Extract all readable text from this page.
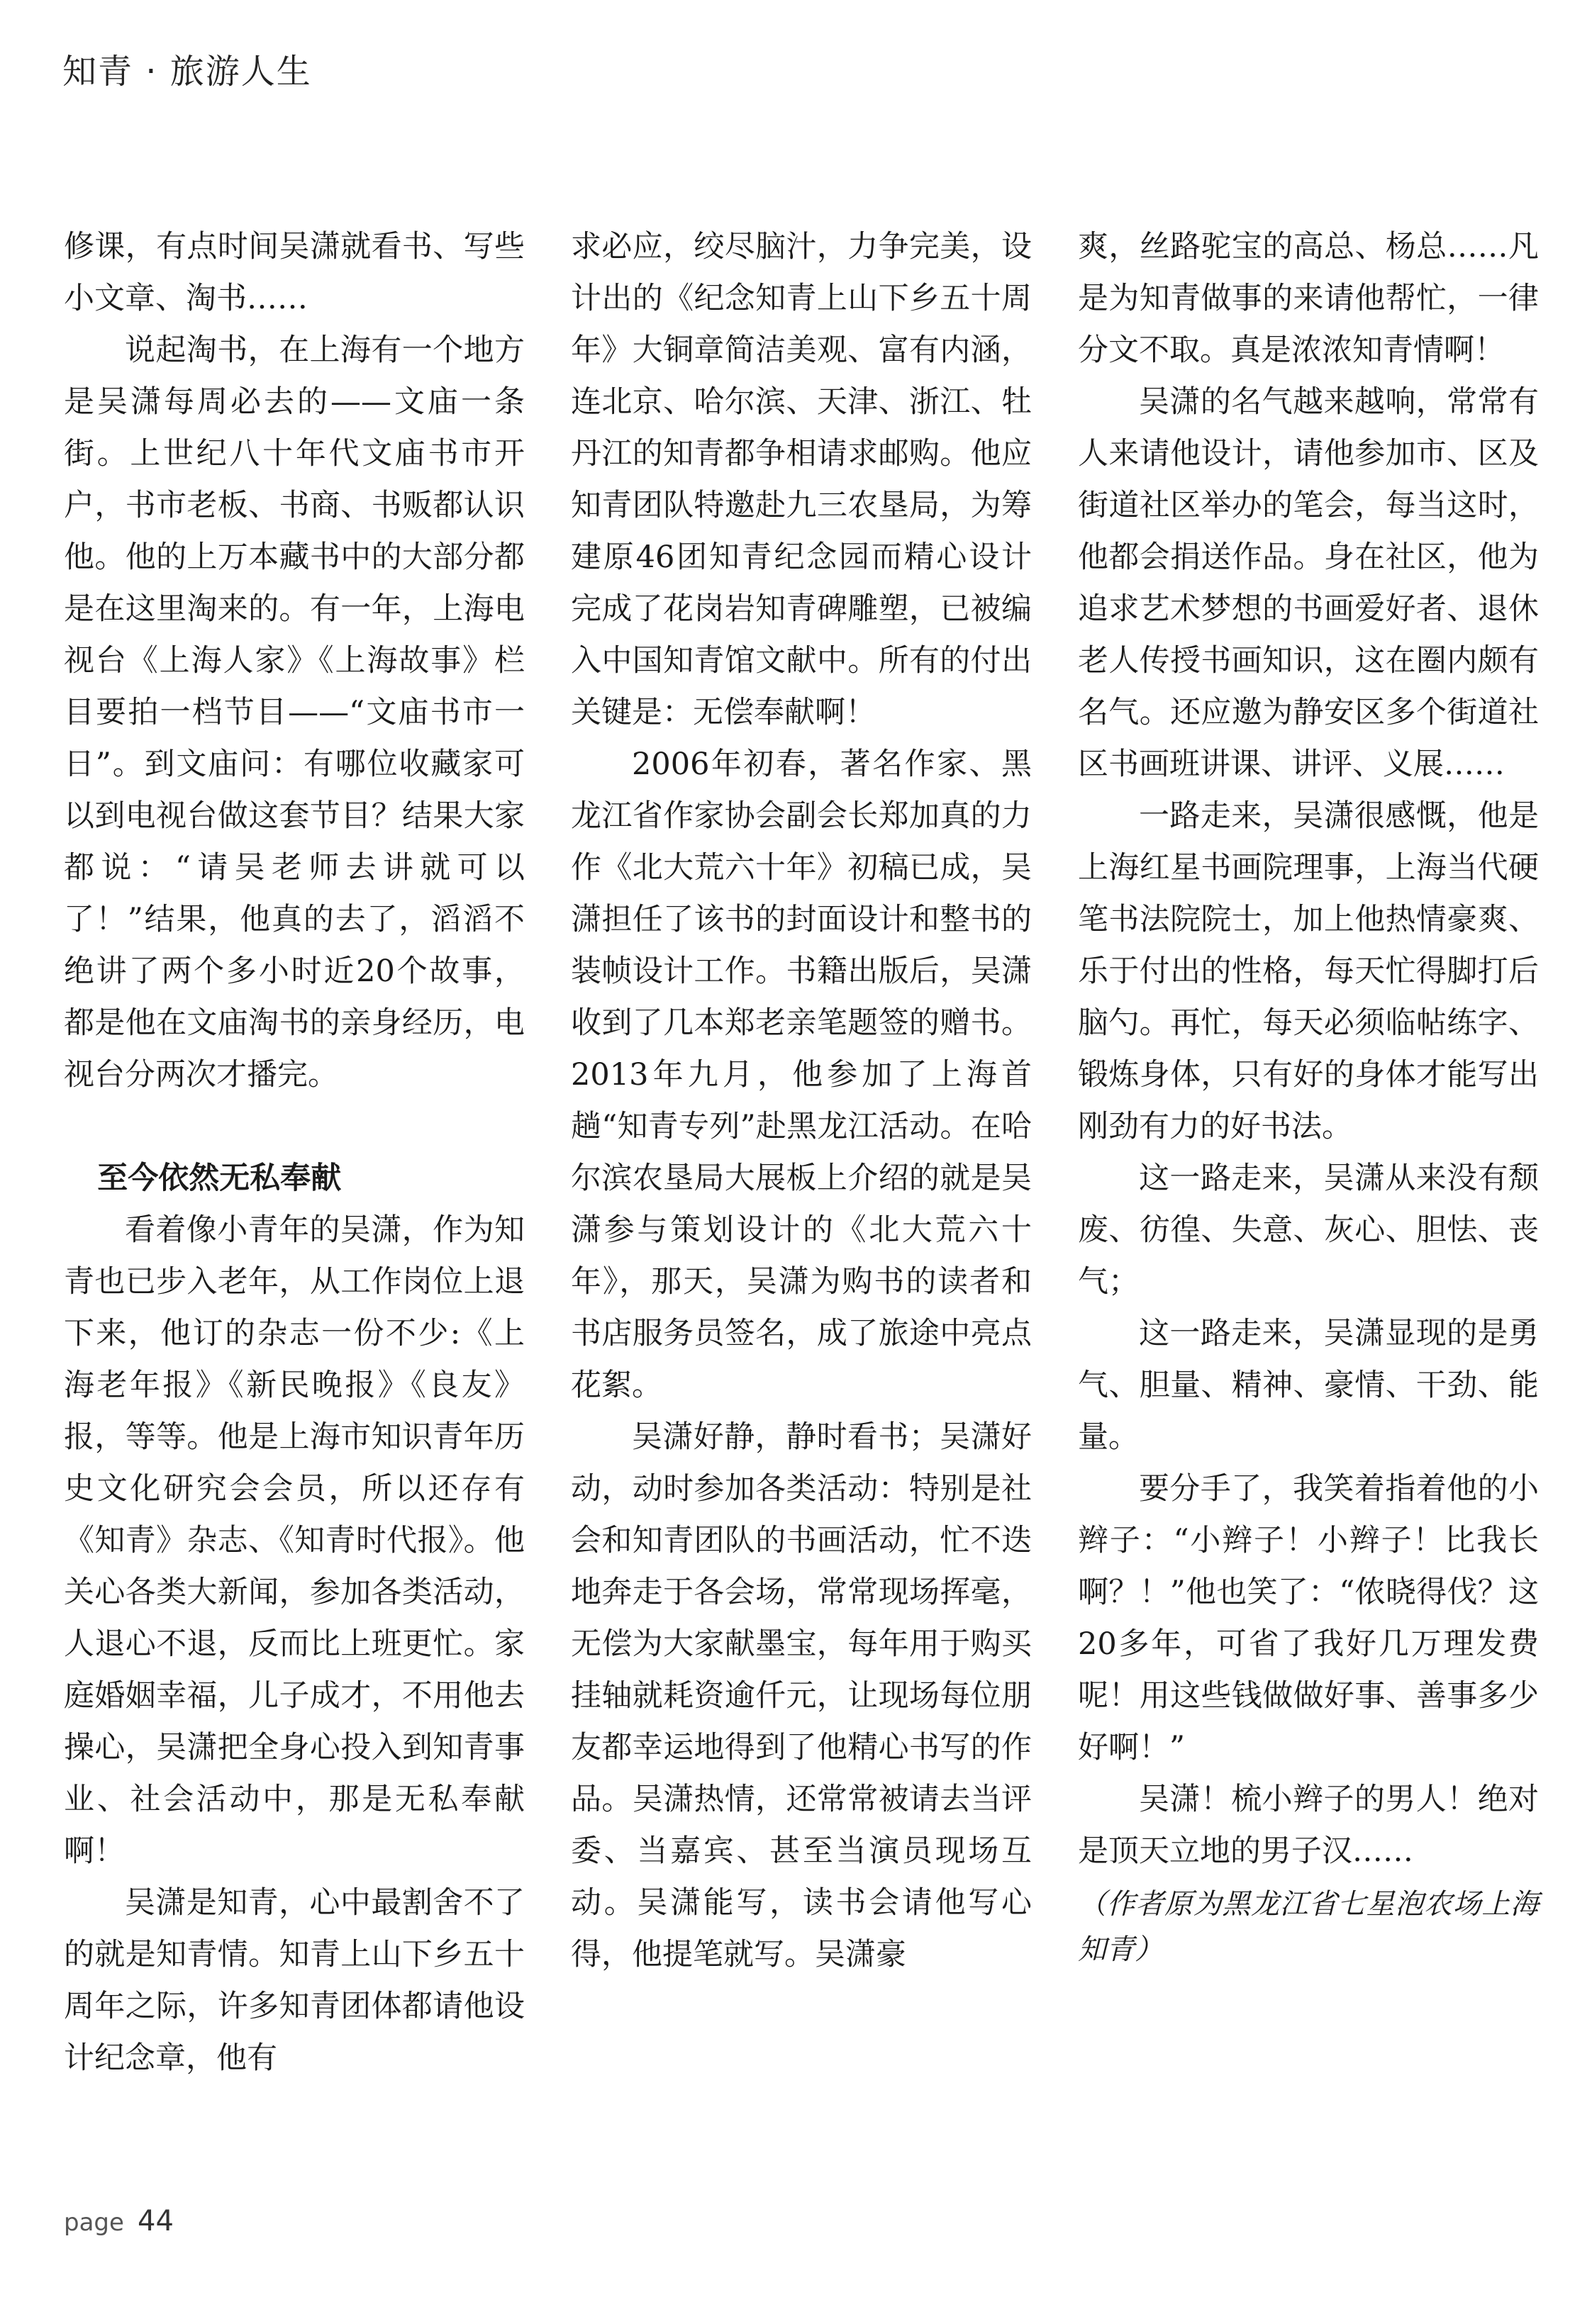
知青 · 旅游人生

修课，有点时间吴潇就看书、写些小文章、淘书……

说起淘书，在上海有一个地方是吴潇每周必去的——文庙一条街。上世纪八十年代文庙书市开户，书市老板、书商、书贩都认识他。他的上万本藏书中的大部分都是在这里淘来的。有一年，上海电视台《上海人家》《上海故事》栏目要拍一档节目——“文庙书市一日”。到文庙问：有哪位收藏家可以到电视台做这套节目？结果大家都说：“请吴老师去讲就可以了！”结果，他真的去了，滔滔不绝讲了两个多小时近20个故事，都是他在文庙淘书的亲身经历，电视台分两次才播完。

至今依然无私奉献

看着像小青年的吴潇，作为知青也已步入老年，从工作岗位上退下来，他订的杂志一份不少:《上海老年报》《新民晚报》《良友》报，等等。他是上海市知识青年历史文化研究会会员，所以还存有《知青》杂志、《知青时代报》。他关心各类大新闻，参加各类活动，人退心不退，反而比上班更忙。家庭婚姻幸福，儿子成才，不用他去操心，吴潇把全身心投入到知青事业、社会活动中，那是无私奉献啊！

吴潇是知青，心中最割舍不了的就是知青情。知青上山下乡五十周年之际，许多知青团体都请他设计纪念章，他有

求必应，绞尽脑汁，力争完美，设计出的《纪念知青上山下乡五十周年》大铜章简洁美观、富有内涵，连北京、哈尔滨、天津、浙江、牡丹江的知青都争相请求邮购。他应知青团队特邀赴九三农垦局，为筹建原46团知青纪念园而精心设计完成了花岗岩知青碑雕塑，已被编入中国知青馆文献中。所有的付出关键是：无偿奉献啊！

2006年初春，著名作家、黑龙江省作家协会副会长郑加真的力作《北大荒六十年》初稿已成，吴潇担任了该书的封面设计和整书的装帧设计工作。书籍出版后，吴潇收到了几本郑老亲笔题签的赠书。2013年九月，他参加了上海首趟“知青专列”赴黑龙江活动。在哈尔滨农垦局大展板上介绍的就是吴潇参与策划设计的《北大荒六十年》，那天，吴潇为购书的读者和书店服务员签名，成了旅途中亮点花絮。

吴潇好静，静时看书；吴潇好动，动时参加各类活动：特别是社会和知青团队的书画活动，忙不迭地奔走于各会场，常常现场挥毫，无偿为大家献墨宝，每年用于购买挂轴就耗资逾仟元，让现场每位朋友都幸运地得到了他精心书写的作品。吴潇热情，还常常被请去当评委、当嘉宾、甚至当演员现场互动。吴潇能写，读书会请他写心得，他提笔就写。吴潇豪

爽，丝路驼宝的高总、杨总……凡是为知青做事的来请他帮忙，一律分文不取。真是浓浓知青情啊！

吴潇的名气越来越响，常常有人来请他设计，请他参加市、区及街道社区举办的笔会，每当这时，他都会捐送作品。身在社区，他为追求艺术梦想的书画爱好者、退休老人传授书画知识，这在圈内颇有名气。还应邀为静安区多个街道社区书画班讲课、讲评、义展……

一路走来，吴潇很感慨，他是上海红星书画院理事，上海当代硬笔书法院院士，加上他热情豪爽、乐于付出的性格，每天忙得脚打后脑勺。再忙，每天必须临帖练字、锻炼身体，只有好的身体才能写出刚劲有力的好书法。

这一路走来，吴潇从来没有颓废、彷徨、失意、灰心、胆怯、丧气；

这一路走来，吴潇显现的是勇气、胆量、精神、豪情、干劲、能量。

要分手了，我笑着指着他的小辫子：“小辫子！小辫子！比我长啊？！”他也笑了：“侬晓得伐？这20多年，可省了我好几万理发费呢！用这些钱做做好事、善事多少好啊！”

吴潇！梳小辫子的男人！绝对是顶天立地的男子汉……

（作者原为黑龙江省七星泡农场上海知青）

page 44
